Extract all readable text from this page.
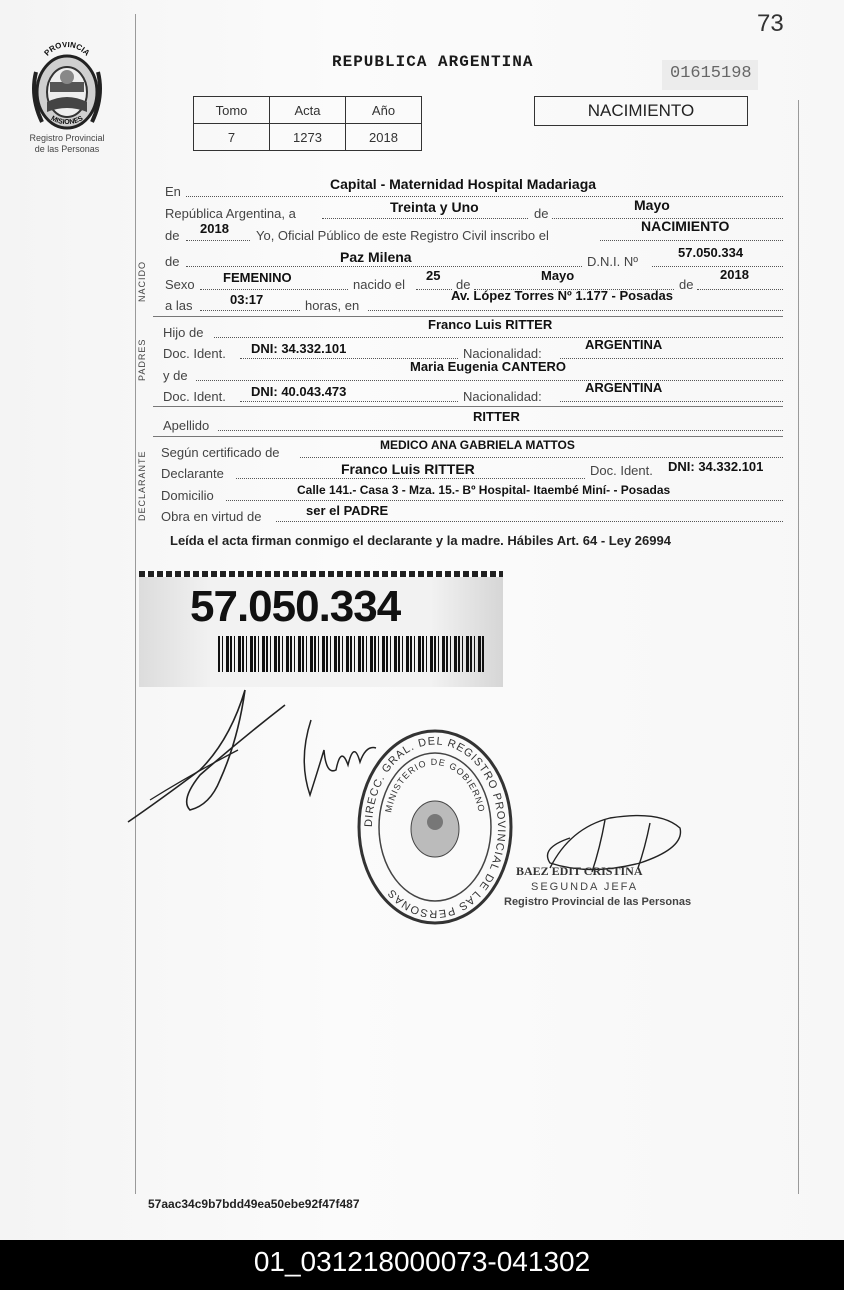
73
PROVINCIA
MISIONES
Registro Provincial
de las Personas
REPUBLICA ARGENTINA
01615198
Tomo	Acta	Año
7	1273	2018
NACIMIENTO
En	Capital - Maternidad Hospital Madariaga
República Argentina, a	Treinta y Uno	de
Mayo
de 2018 Yo, Oficial Público de este Registro Civil inscribo el
NACIMIENTO
NACIDO de	Paz Milena	D.N.I. Nº
57.050.334
Sexo FEMENINO	nacido el
25
de
Mayo
de
2018
a las	03:17	horas, en
Av. López Torres Nº 1.177 - Posadas
PADRES
Hijo de
Franco Luis RITTER
Doc. Ident. DNI: 34.332.101	Nacionalidad:
ARGENTINA
y de
Maria Eugenia CANTERO
Doc. Ident. DNI: 40.043.473	Nacionalidad:
ARGENTINA
Apellido
RITTER
DECLARANTE Según certificado de	MEDICO ANA GABRIELA MATTOS
Declarante	Franco Luis RITTER	Doc. Ident. DNI: 34.332.101
Domicilio	Calle 141.- Casa 3 - Mza. 15.- Bº Hospital- Itaembé Miní- - Posadas
Obra en virtud de	ser el PADRE
Leída el acta firman conmigo el declarante y la madre. Hábiles Art. 64 - Ley 26994
57.050.334
DIRECC. GRAL. DEL REGISTRO PROVINCIAL DE LAS PERSONAS
MINISTERIO DE GOBIERNO
BAEZ EDIT CRISTINA
SEGUNDA JEFA
Registro Provincial de las Personas
57aac34c9b7bdd49ea50ebe92f47f487
01_031218000073-041302
